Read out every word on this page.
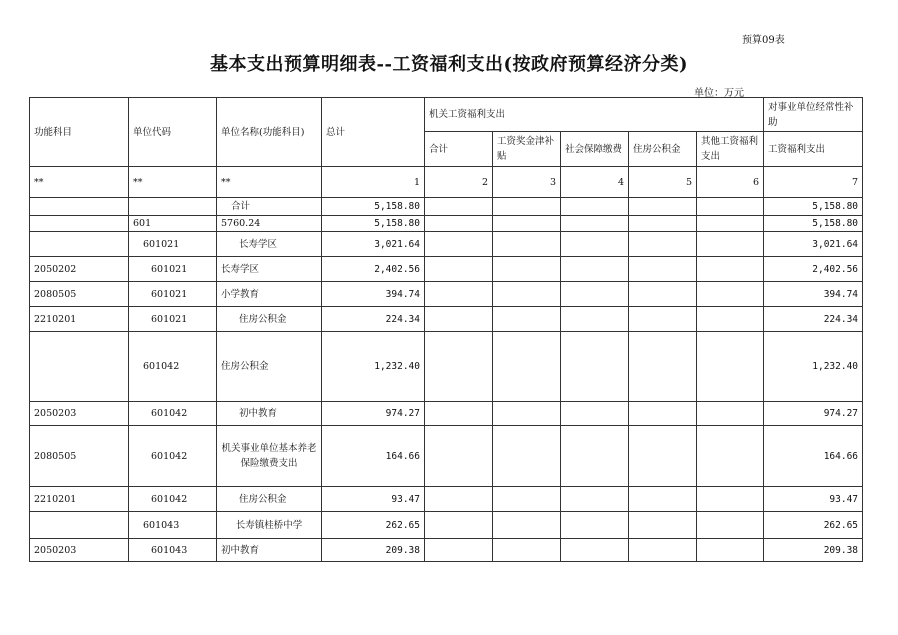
预算09表
基本支出预算明细表--工资福利支出(按政府预算经济分类)
单位：万元
功能科目	单位代码	单位名称(功能科目)	总计	机关工资福利支出					对事业单位经常性补助
				合计	工资奖金津补贴	社会保障缴费	住房公积金	其他工资福利支出	工资福利支出
**	**	**	1	2	3	4	5	6	7
		合计	5,158.80						5,158.80
	601	5760.24	5,158.80						5,158.80
	601021	长寿学区	3,021.64						3,021.64
2050202	601021	长寿学区	2,402.56						2,402.56
2080505	601021	小学教育	394.74						394.74
2210201	601021	住房公积金	224.34						224.34
	601042	住房公积金	1,232.40						1,232.40
2050203	601042	初中教育	974.27						974.27
2080505	601042	机关事业单位基本养老保险缴费支出	164.66						164.66
2210201	601042	住房公积金	93.47						93.47
	601043	长寿镇桂桥中学	262.65						262.65
2050203	601043	初中教育	209.38						209.38
